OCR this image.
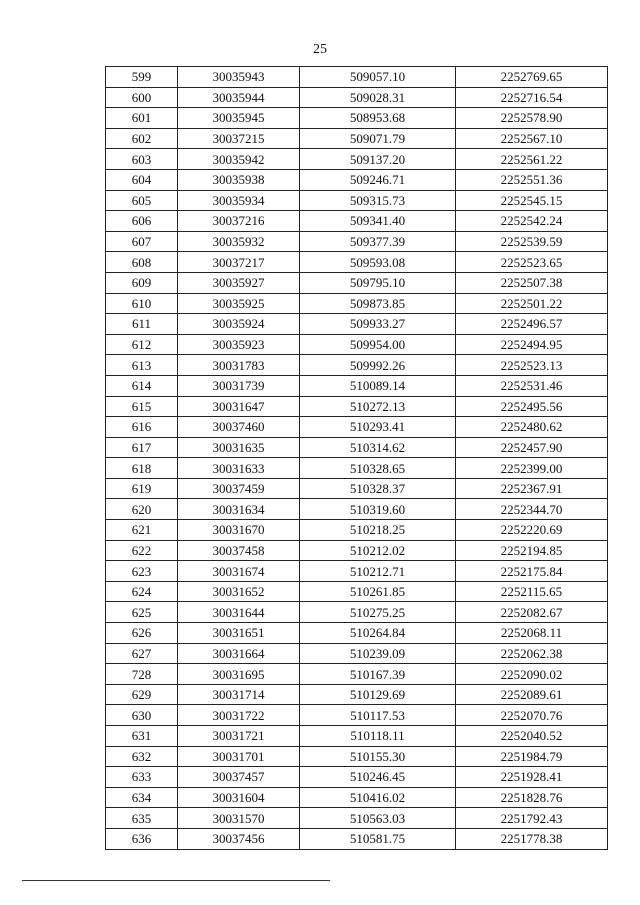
25
599	30035943	509057.10	2252769.65
600	30035944	509028.31	2252716.54
601	30035945	508953.68	2252578.90
602	30037215	509071.79	2252567.10
603	30035942	509137.20	2252561.22
604	30035938	509246.71	2252551.36
605	30035934	509315.73	2252545.15
606	30037216	509341.40	2252542.24
607	30035932	509377.39	2252539.59
608	30037217	509593.08	2252523.65
609	30035927	509795.10	2252507.38
610	30035925	509873.85	2252501.22
611	30035924	509933.27	2252496.57
612	30035923	509954.00	2252494.95
613	30031783	509992.26	2252523.13
614	30031739	510089.14	2252531.46
615	30031647	510272.13	2252495.56
616	30037460	510293.41	2252480.62
617	30031635	510314.62	2252457.90
618	30031633	510328.65	2252399.00
619	30037459	510328.37	2252367.91
620	30031634	510319.60	2252344.70
621	30031670	510218.25	2252220.69
622	30037458	510212.02	2252194.85
623	30031674	510212.71	2252175.84
624	30031652	510261.85	2252115.65
625	30031644	510275.25	2252082.67
626	30031651	510264.84	2252068.11
627	30031664	510239.09	2252062.38
728	30031695	510167.39	2252090.02
629	30031714	510129.69	2252089.61
630	30031722	510117.53	2252070.76
631	30031721	510118.11	2252040.52
632	30031701	510155.30	2251984.79
633	30037457	510246.45	2251928.41
634	30031604	510416.02	2251828.76
635	30031570	510563.03	2251792.43
636	30037456	510581.75	2251778.38
